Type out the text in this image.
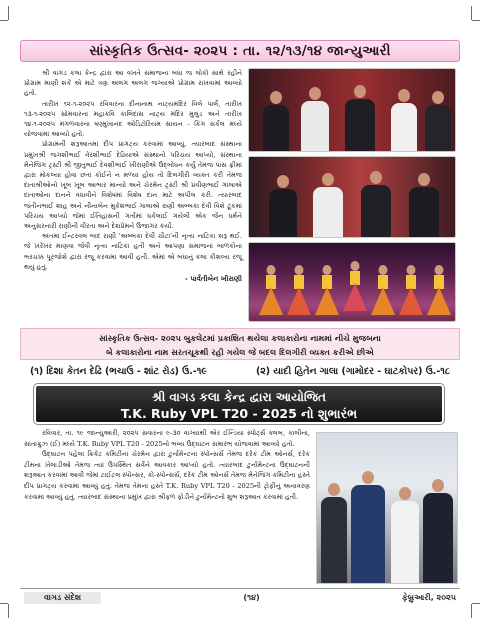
સાંસ્કૃતિક ઉત્સવ- ૨૦૨૫ : તા. ૧૨/૧૩/૧૪ જાન્યુઆરી

શ્રી વાગડ કલા કેન્દ્ર દ્વારા આ વખતે સમાજના બધા જ લોકો સાથે રહીને પ્રોગ્રામ માણી શકે એ માટે ત્રણ અલગ અલગ જગ્યાએ પ્રોગ્રામ રાખવામાં આવ્યો હતો.

તારીખ ૧૨-૧-૨૦૨૫ રવિવારના દીનાનાથ નાટ્યમંદિર વિલે પાર્લે, તારીખ ૧૩-૧-૨૦૨૫ સોમવારના મહાકવિ કાલિદાસ નાટ્ય મંદિર મુલુંડ અને તારીખ ૧૪-૧-૨૦૨૫ મંગળવારના ષણ્મુખાનંદ ઓડિટોરિયમ સાયન - કિંગ સર્કલ મધ્યે યોજવામાં આવ્યો હતો.

પ્રોગ્રામની શરૂઆતમાં દીપ પ્રાગટ્ય કરવામાં આવ્યું. ત્યારબાદ સંસ્થાના પ્રમુખશ્રી જગશીભાઈ વેરશીભાઈ દેઢિયાએ સંસ્થાનો પરિચય આપ્યો, સંસ્થાના મેનેજિંગ ટ્રસ્ટી શ્રી જીતુભાઈ દેવશીભાઈ ખીરાણીએ ઉદ્બોધન કર્યું તેમજ પાસ ફ્રીમાં દ્વારા મોકલ્યા હોવા છતાં કોઈને ન મળ્યા હોય તો દિલગીરી વ્યક્ત કરી તેમજ દાતાશ્રીઓનો ખૂબ ખૂબ આભાર માન્યો અને ચેરમેન ટ્રસ્ટી શ્રી પ્રવીણભાઈ ગાલાએ દાતાઓના દાનને વધાવીને વિશેષમાં વિશેષ દાન માટે અપીલ કરી. ત્યારબાદ જતીનભાઈ શાહ અને નીનાબેન મુકેશભાઈ ગાલાએ રાણી અબ્બકા દેવી વિશે ટૂંકમાં પરિચય આપ્યો જેમાં ઈતિહાસની ગર્તામાં ધકેલાઈ ગયેલી એક જૈન ધર્મને અનુસરનારી રાણીની વીરતા અને દેશપ્રેમને ઉજાગર કર્યો.

અંતમાં ઈન્ટરવલ બાદ રાણી 'અબ્બકા દેવી ચૌટા'ની નૃત્ય નાટિકા શરૂ થઈ. જે ખરેખર માણવા જેવી નૃત્ય નાટિકા હતી અને આપણા સમાજનાં બાળકોના ભરચક્ક પૂરજોશે દ્વારા રજૂ કરવામાં આવી હતી. એમાં એ બધાનું કલા કૌશલ્ય રજૂ થયું હતું.

- પાર્વતીબેન ખીરાણી
સાંસ્કૃતિક ઉત્સવ- ૨૦૨૫ બુકલેટમાં પ્રકાશિત થયેલા કલાકારોના નામમાં નીચે મુજબના
બે કલાકારોના નામ સરતચૂકથી રહી ગયેલ જે બદલ દિલગીરી વ્યક્ત કરીએ છીએ
(૧) દિશા કેતન દેઢિ (ભચાઉ - શાંટ રોડ) ઉ.-૧૯	(૨) યાદી હિતેન ગાલા (ગામોદર - ઘાટકોપર) ઉ.-૧૮
શ્રી વાગડ કલા કેન્દ્ર દ્વારા આયોજિત
T.K. Ruby VPL T20 - 2025 નો શુભારંભ

રવિવાર, તા. ૧૯ જાન્યુઆરી, ૨૦૨૫ સવારના ૯-૩૦ વાગ્યાથી એર ઈન્ડિયા સ્પોર્ટ્સ ક્લબ, કાલીના, સાંતાક્રુઝ (ઈ) મધ્યે T.K. Ruby VPL T20 - 2025નો ભવ્ય ઉદ્ઘાટન સમારંભ યોજવામાં આવ્યો હતો.

ઉદ્ઘાટન પહેલાં ક્રિકેટ કમિટીના ચેરમેન દ્વારા ટુર્નામેન્ટના સ્પોન્સર્સ તેમજ દરેક ટીમ ઓનર્સ, દરેક ટીમના ખેલાડીઓ તેમજ ત્યાં ઉપસ્થિત સર્વેને આવકાર આપ્યો હતો. ત્યારબાદ ટુર્નામેન્ટના ઉદ્ઘાટનની શરૂઆત કરવામાં આવી જેમાં ટાઈટલ સ્પોન્સર, કો-સ્પોન્સર્સ, દરેક ટીમ ઓનર્સ તેમજ મેનેજિંગ કમિટીના હસ્તે દીપ પ્રાગટ્ય કરવામાં આવ્યું હતું. તેમજ તેમના હસ્તે T.K. Ruby VPL T20 - 2025ની ટ્રોફીનું અનાવરણ કરવામાં આવ્યું હતું. ત્યારબાદ સંસ્થાના પ્રમુખ દ્વારા શ્રીફળ ફોડીને ટુર્નામેન્ટનો શુભ શરૂઆત કરવામાં હતી.

વાગડ સંદેશ	(૧૪)	ફેબ્રુઆરી, ૨૦૨૫
